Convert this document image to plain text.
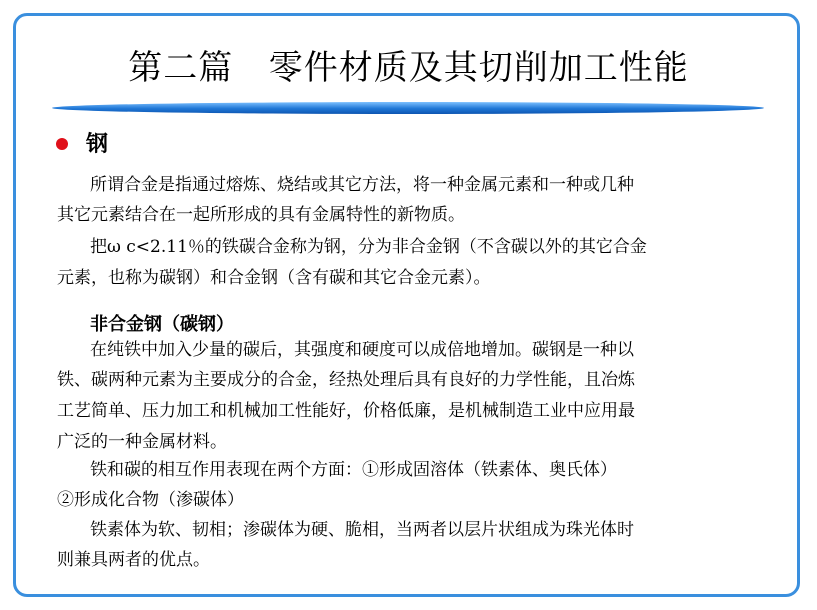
第二篇   零件材质及其切削加工性能
钢
所谓合金是指通过熔炼、烧结或其它方法，将一种金属元素和一种或几种
其它元素结合在一起所形成的具有金属特性的新物质。
把ω c<2.11％的铁碳合金称为钢，分为非合金钢（不含碳以外的其它合金
元素，也称为碳钢）和合金钢（含有碳和其它合金元素）。
非合金钢（碳钢）
在纯铁中加入少量的碳后，其强度和硬度可以成倍地增加。碳钢是一种以
铁、碳两种元素为主要成分的合金，经热处理后具有良好的力学性能，且冶炼
工艺简单、压力加工和机械加工性能好，价格低廉，是机械制造工业中应用最
广泛的一种金属材料。
铁和碳的相互作用表现在两个方面：①形成固溶体（铁素体、奥氏体）
②形成化合物（渗碳体）
铁素体为软、韧相；渗碳体为硬、脆相，当两者以层片状组成为珠光体时
则兼具两者的优点。
